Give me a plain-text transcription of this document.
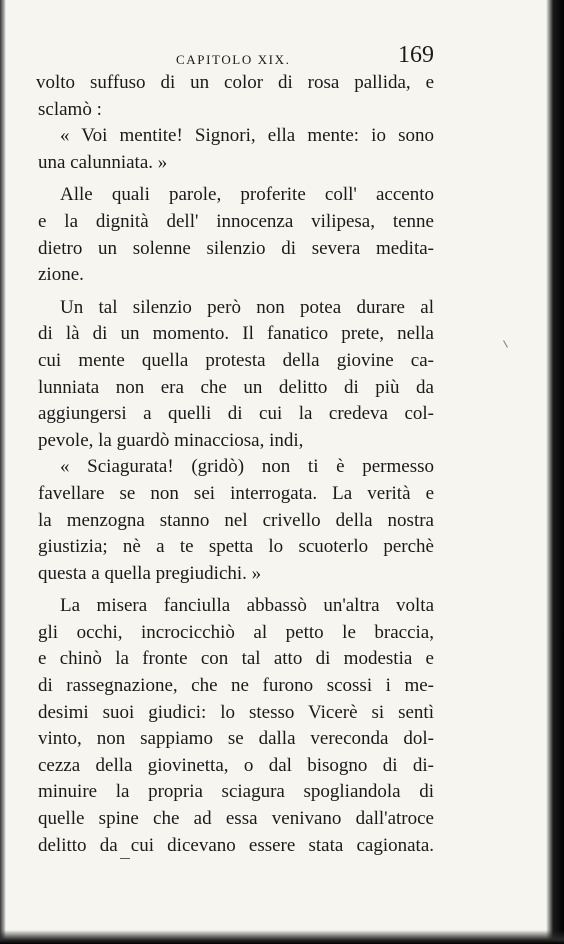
CAPITOLO XIX.	169
volto suffuso di un color di rosa pallida, e
sclamò :
« Voi mentite! Signori, ella mente: io sono
una calunniata. »
Alle quali parole, proferite coll' accento
e la dignità dell' innocenza vilipesa, tenne
dietro un solenne silenzio di severa medita-
zione.
Un tal silenzio però non potea durare al
di là di un momento. Il fanatico prete, nella
cui mente quella protesta della giovine ca-
lunniata non era che un delitto di più da
aggiungersi a quelli di cui la credeva col-
pevole, la guardò minacciosa, indi,
« Sciagurata! (gridò) non ti è permesso
favellare se non sei interrogata. La verità e
la menzogna stanno nel crivello della nostra
giustizia; nè a te spetta lo scuoterlo perchè
questa a quella pregiudichi. »
La misera fanciulla abbassò un'altra volta
gli occhi, incrocicchiò al petto le braccia,
e chinò la fronte con tal atto di modestia e
di rassegnazione, che ne furono scossi i me-
desimi suoi giudici: lo stesso Vicerè si sentì
vinto, non sappiamo se dalla vereconda dol-
cezza della giovinetta, o dal bisogno di di-
minuire la propria sciagura spogliandola di
quelle spine che ad essa venivano dall'atroce
delitto da cui dicevano essere stata cagionata.
